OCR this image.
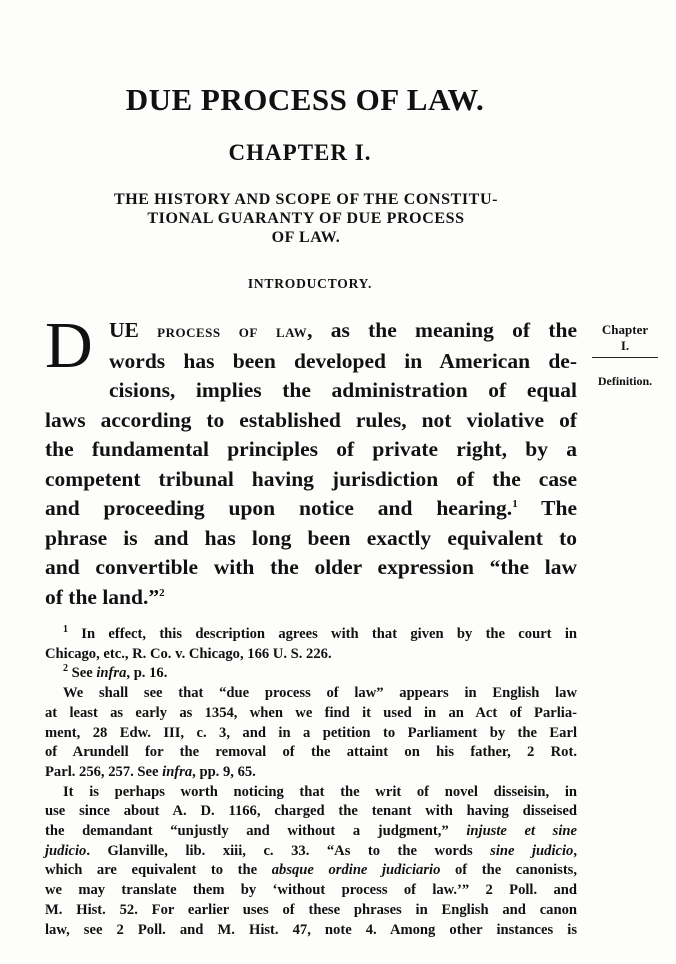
DUE PROCESS OF LAW.
CHAPTER I.
THE HISTORY AND SCOPE OF THE CONSTITU-
TIONAL GUARANTY OF DUE PROCESS
OF LAW.
INTRODUCTORY.
Chapter
I.
Definition.
D UE process of law, as the meaning of the
words has been developed in American de-
cisions, implies the administration of equal
laws according to established rules, not violative of
the fundamental principles of private right, by a
competent tribunal having jurisdiction of the case
and proceeding upon notice and hearing.$^1$ The
phrase is and has long been exactly equivalent to
and convertible with the older expression “the law
of the land.”$^2$
$^1$ In effect, this description agrees with that given by the court in
Chicago, etc., R. Co. v. Chicago, 166 U. S. 226.
$^2$ See infra, p. 16.
We shall see that “due process of law” appears in English law
at least as early as 1354, when we find it used in an Act of Parlia-
ment, 28 Edw. III, c. 3, and in a petition to Parliament by the Earl
of Arundell for the removal of the attaint on his father, 2 Rot.
Parl. 256, 257. See infra, pp. 9, 65.
It is perhaps worth noticing that the writ of novel disseisin, in
use since about A. D. 1166, charged the tenant with having disseised
the demandant “unjustly and without a judgment,” injuste et sine
judicio. Glanville, lib. xiii, c. 33. “As to the words sine judicio,
which are equivalent to the absque ordine judiciario of the canonists,
we may translate them by ‘without process of law.’” 2 Poll. and
M. Hist. 52. For earlier uses of these phrases in English and canon
law, see 2 Poll. and M. Hist. 47, note 4. Among other instances is
